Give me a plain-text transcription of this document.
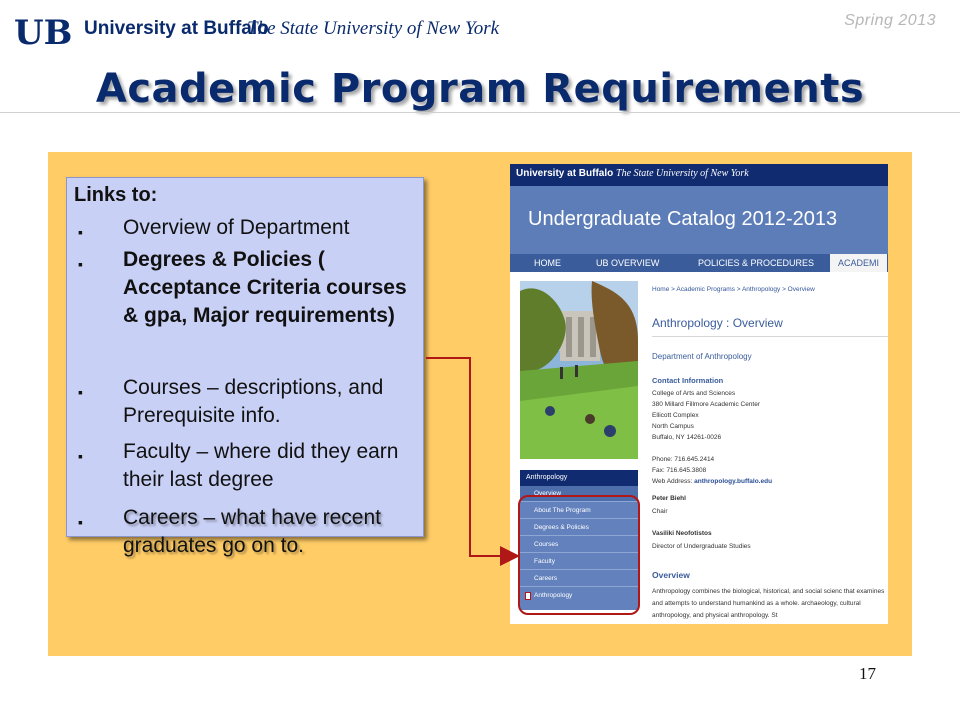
UB University at Buffalo
The State University of New York	Spring 2013
Academic Program Requirements
Links to:
▪	Overview of Department
▪	Degrees & Policies ( Acceptance Criteria courses & gpa, Major requirements)
▪	Courses – descriptions, and Prerequisite info.
▪	Faculty – where did they earn their last degree
▪	Careers – what have recent graduates go on to.
University at Buffalo The State University of New York
Undergraduate Catalog 2012-2013
HOME	UB OVERVIEW	POLICIES & PROCEDURES	ACADEMI
Anthropology
Overview
About The Program
Degrees & Policies
Courses
Faculty
Careers
Anthropology
Home > Academic Programs > Anthropology > Overview
Anthropology : Overview
Department of Anthropology
Contact Information
College of Arts and Sciences
380 Millard Fillmore Academic Center
Ellicott Complex
North Campus
Buffalo, NY 14261-0026
Phone: 716.645.2414
Fax: 716.645.3808
Web Address: anthropology.buffalo.edu
Peter Biehl
Chair
Vasiliki Neofotistos
Director of Undergraduate Studies
Overview
Anthropology combines the biological, historical, and social scienc that examines and attempts to understand humankind as a whole. archaeology, cultural anthropology, and physical anthropology. St
17
